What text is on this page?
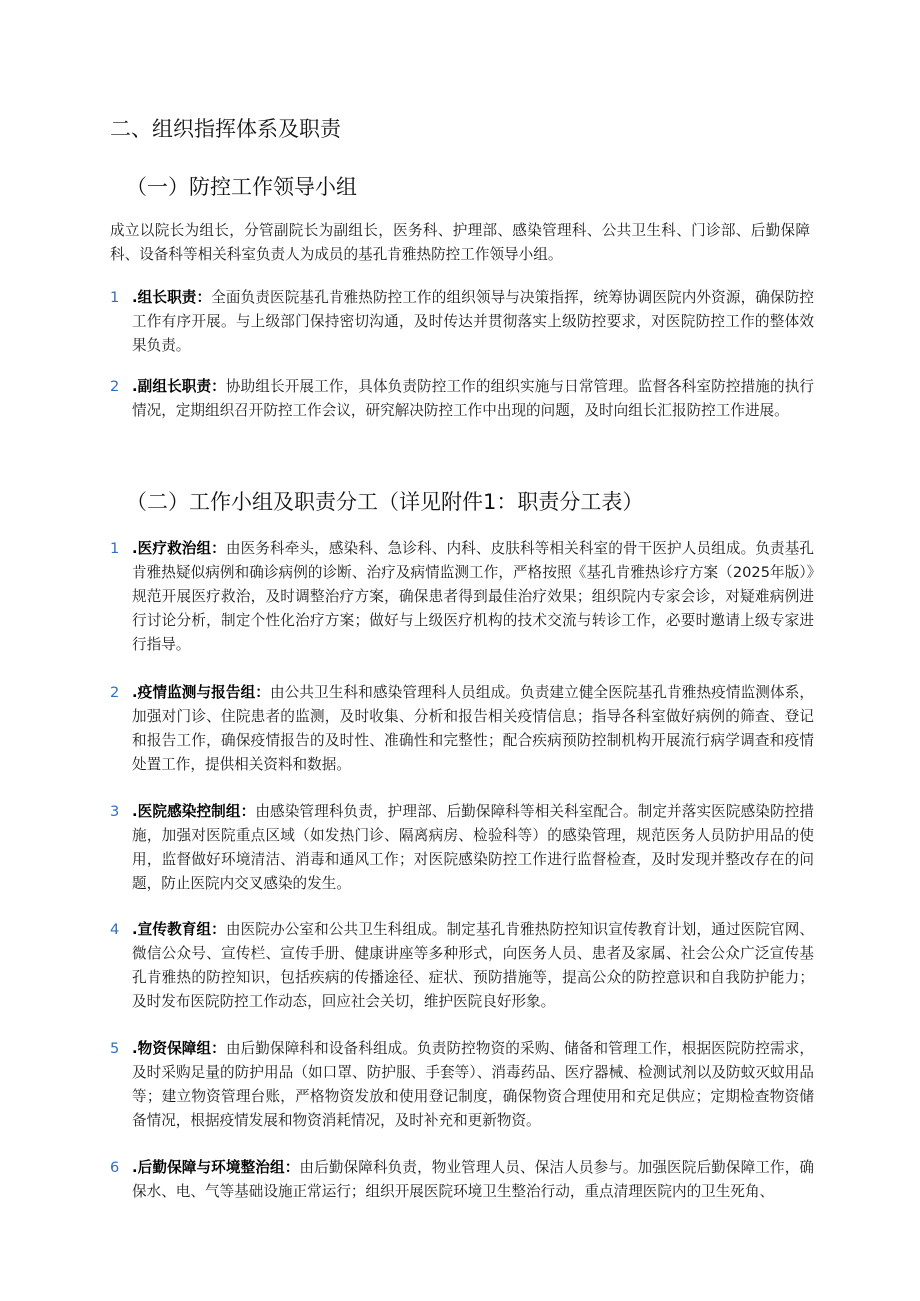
二、组织指挥体系及职责
（一）防控工作领导小组

成立以院长为组长，分管副院长为副组长，医务科、护理部、感染管理科、公共卫生科、门诊部、后勤保障科、设备科等相关科室负责人为成员的基孔肯雅热防控工作领导小组。

1 .组长职责：全面负责医院基孔肯雅热防控工作的组织领导与决策指挥，统筹协调医院内外资源，确保防控工作有序开展。与上级部门保持密切沟通，及时传达并贯彻落实上级防控要求，对医院防控工作的整体效果负责。
2 .副组长职责：协助组长开展工作，具体负责防控工作的组织实施与日常管理。监督各科室防控措施的执行情况，定期组织召开防控工作会议，研究解决防控工作中出现的问题，及时向组长汇报防控工作进展。
（二）工作小组及职责分工（详见附件1：职责分工表）
1 .医疗救治组：由医务科牵头，感染科、急诊科、内科、皮肤科等相关科室的骨干医护人员组成。负责基孔肯雅热疑似病例和确诊病例的诊断、治疗及病情监测工作，严格按照《基孔肯雅热诊疗方案（2025年版）》规范开展医疗救治，及时调整治疗方案，确保患者得到最佳治疗效果；组织院内专家会诊，对疑难病例进行讨论分析，制定个性化治疗方案；做好与上级医疗机构的技术交流与转诊工作，必要时邀请上级专家进行指导。
2 .疫情监测与报告组：由公共卫生科和感染管理科人员组成。负责建立健全医院基孔肯雅热疫情监测体系，加强对门诊、住院患者的监测，及时收集、分析和报告相关疫情信息；指导各科室做好病例的筛查、登记和报告工作，确保疫情报告的及时性、准确性和完整性；配合疾病预防控制机构开展流行病学调查和疫情处置工作，提供相关资料和数据。
3 .医院感染控制组：由感染管理科负责，护理部、后勤保障科等相关科室配合。制定并落实医院感染防控措施，加强对医院重点区域（如发热门诊、隔离病房、检验科等）的感染管理，规范医务人员防护用品的使用，监督做好环境清洁、消毒和通风工作；对医院感染防控工作进行监督检查，及时发现并整改存在的问题，防止医院内交叉感染的发生。
4 .宣传教育组：由医院办公室和公共卫生科组成。制定基孔肯雅热防控知识宣传教育计划，通过医院官网、微信公众号、宣传栏、宣传手册、健康讲座等多种形式，向医务人员、患者及家属、社会公众广泛宣传基孔肯雅热的防控知识，包括疾病的传播途径、症状、预防措施等，提高公众的防控意识和自我防护能力；及时发布医院防控工作动态，回应社会关切，维护医院良好形象。
5 .物资保障组：由后勤保障科和设备科组成。负责防控物资的采购、储备和管理工作，根据医院防控需求，及时采购足量的防护用品（如口罩、防护服、手套等）、消毒药品、医疗器械、检测试剂以及防蚊灭蚊用品等；建立物资管理台账，严格物资发放和使用登记制度，确保物资合理使用和充足供应；定期检查物资储备情况，根据疫情发展和物资消耗情况，及时补充和更新物资。
6 .后勤保障与环境整治组：由后勤保障科负责，物业管理人员、保洁人员参与。加强医院后勤保障工作，确保水、电、气等基础设施正常运行；组织开展医院环境卫生整治行动，重点清理医院内的卫生死角、
